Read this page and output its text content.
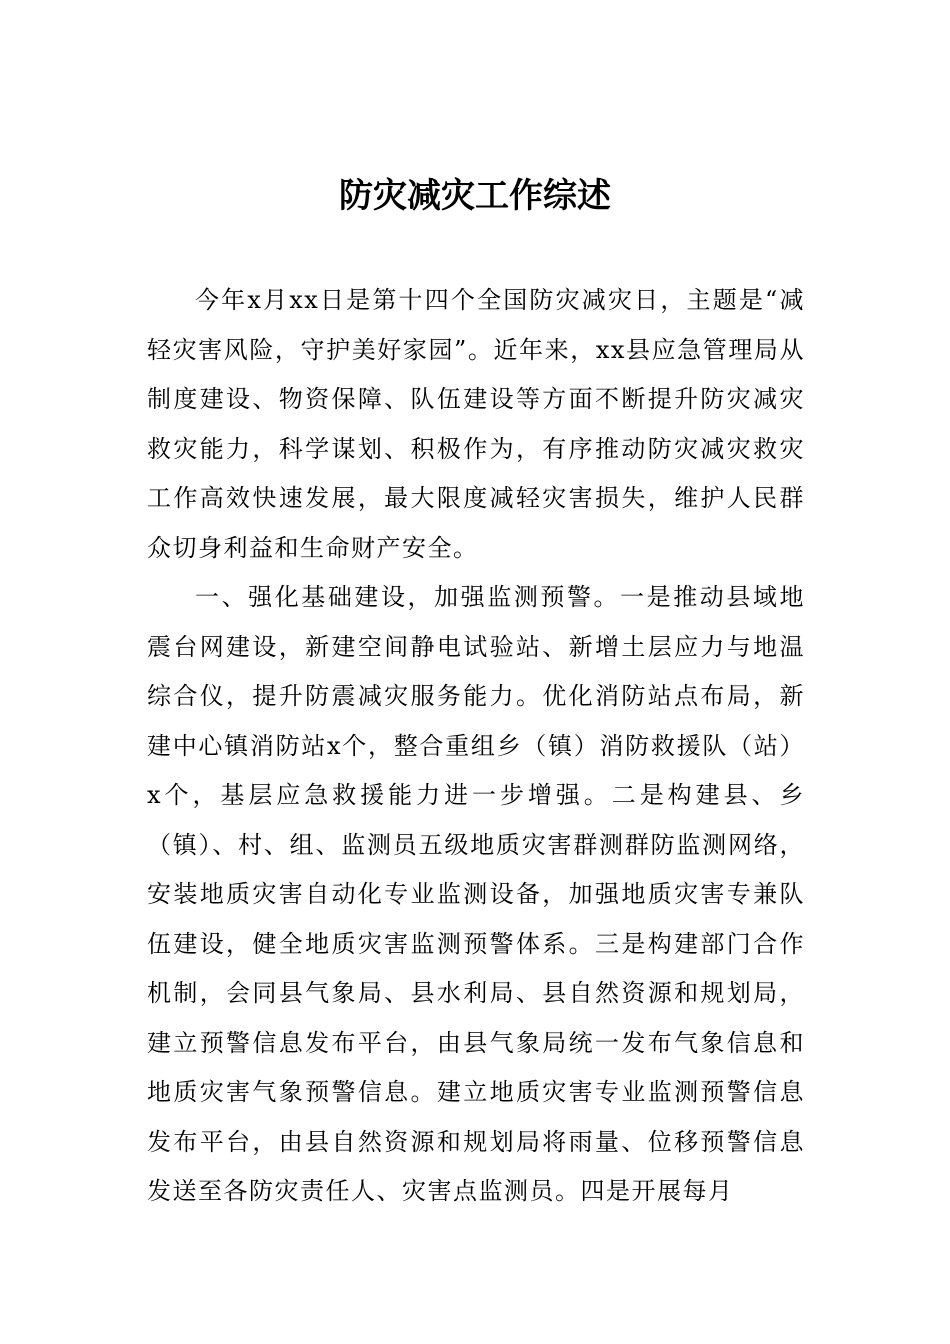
防灾减灾工作综述

今年x月xx日是第十四个全国防灾减灾日，主题是“减轻灾害风险，守护美好家园”。近年来，xx县应急管理局从制度建设、物资保障、队伍建设等方面不断提升防灾减灾救灾能力，科学谋划、积极作为，有序推动防灾减灾救灾工作高效快速发展，最大限度减轻灾害损失，维护人民群众切身利益和生命财产安全。

一、强化基础建设，加强监测预警。一是推动县域地震台网建设，新建空间静电试验站、新增土层应力与地温综合仪，提升防震减灾服务能力。优化消防站点布局，新建中心镇消防站x个，整合重组乡（镇）消防救援队（站）x个，基层应急救援能力进一步增强。二是构建县、乡（镇）、村、组、监测员五级地质灾害群测群防监测网络，安装地质灾害自动化专业监测设备，加强地质灾害专兼队伍建设，健全地质灾害监测预警体系。三是构建部门合作机制，会同县气象局、县水利局、县自然资源和规划局，建立预警信息发布平台，由县气象局统一发布气象信息和地质灾害气象预警信息。建立地质灾害专业监测预警信息发布平台，由县自然资源和规划局将雨量、位移预警信息发送至各防灾责任人、灾害点监测员。四是开展每月
